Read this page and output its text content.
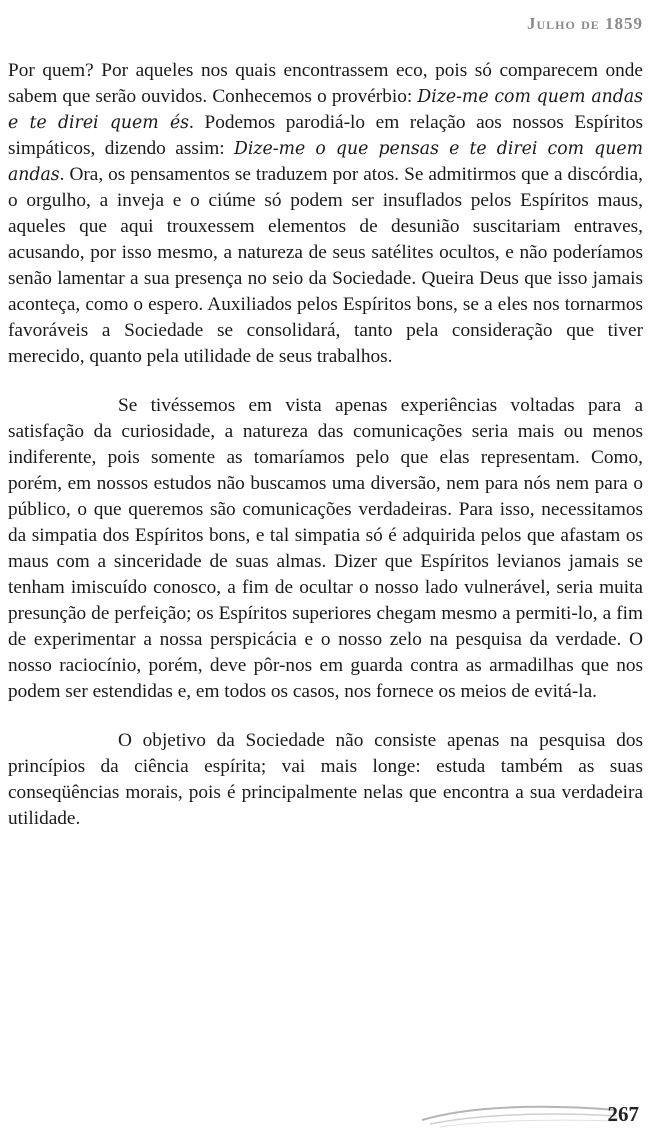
Julho de 1859

Por quem? Por aqueles nos quais encontrassem eco, pois só comparecem onde sabem que serão ouvidos. Conhecemos o provérbio: Dize-me com quem andas e te direi quem és. Podemos parodiá-lo em relação aos nossos Espíritos simpáticos, dizendo assim: Dize-me o que pensas e te direi com quem andas. Ora, os pensamentos se traduzem por atos. Se admitirmos que a discórdia, o orgulho, a inveja e o ciúme só podem ser insuflados pelos Espíritos maus, aqueles que aqui trouxessem elementos de desunião suscitariam entraves, acusando, por isso mesmo, a natureza de seus satélites ocultos, e não poderíamos senão lamentar a sua presença no seio da Sociedade. Queira Deus que isso jamais aconteça, como o espero. Auxiliados pelos Espíritos bons, se a eles nos tornarmos favoráveis a Sociedade se consolidará, tanto pela consideração que tiver merecido, quanto pela utilidade de seus trabalhos.

Se tivéssemos em vista apenas experiências voltadas para a satisfação da curiosidade, a natureza das comunicações seria mais ou menos indiferente, pois somente as tomaríamos pelo que elas representam. Como, porém, em nossos estudos não buscamos uma diversão, nem para nós nem para o público, o que queremos são comunicações verdadeiras. Para isso, necessitamos da simpatia dos Espíritos bons, e tal simpatia só é adquirida pelos que afastam os maus com a sinceridade de suas almas. Dizer que Espíritos levianos jamais se tenham imiscuído conosco, a fim de ocultar o nosso lado vulnerável, seria muita presunção de perfeição; os Espíritos superiores chegam mesmo a permiti-lo, a fim de experimentar a nossa perspicácia e o nosso zelo na pesquisa da verdade. O nosso raciocínio, porém, deve pôr-nos em guarda contra as armadilhas que nos podem ser estendidas e, em todos os casos, nos fornece os meios de evitá-la.

O objetivo da Sociedade não consiste apenas na pesquisa dos princípios da ciência espírita; vai mais longe: estuda também as suas conseqüências morais, pois é principalmente nelas que encontra a sua verdadeira utilidade.

267
